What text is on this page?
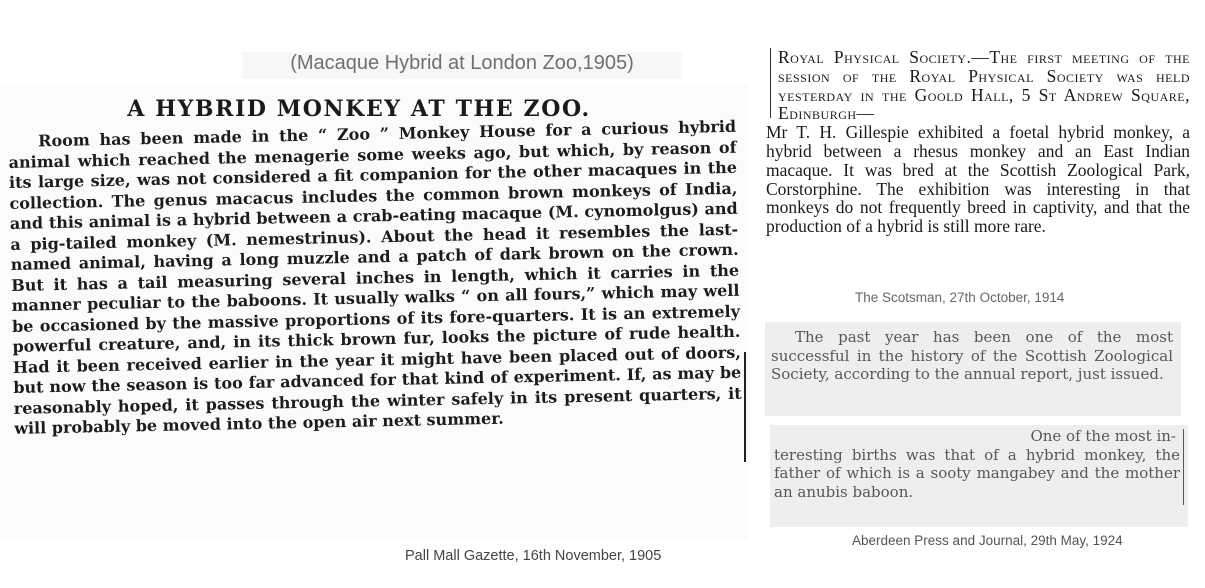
(Macaque Hybrid at London Zoo,1905)
A HYBRID MONKEY AT THE ZOO.
Room has been made in the “ Zoo ” Monkey House for a curious hybrid animal which reached the menagerie some weeks ago, but which, by reason of its large size, was not considered a fit companion for the other macaques in the collection. The genus macacus includes the common brown monkeys of India, and this animal is a hybrid between a crab-eating macaque (M. cynomolgus) and a pig-tailed monkey (M. nemestrinus). About the head it resembles the last-named animal, having a long muzzle and a patch of dark brown on the crown. But it has a tail measuring several inches in length, which it carries in the manner peculiar to the baboons. It usually walks “ on all fours,” which may well be occasioned by the massive proportions of its fore-quarters. It is an extremely powerful creature, and, in its thick brown fur, looks the picture of rude health. Had it been received earlier in the year it might have been placed out of doors, but now the season is too far advanced for that kind of experiment. If, as may be reasonably hoped, it passes through the winter safely in its present quarters, it will probably be moved into the open air next summer.
Royal Physical Society.—The first meeting of the session of the Royal Physical Society was held yesterday in the Goold Hall, 5 St Andrew Square, Edinburgh—
Mr T. H. Gillespie exhibited a foetal hybrid monkey, a hybrid between a rhesus monkey and an East Indian macaque. It was bred at the Scottish Zoological Park, Corstorphine. The exhibition was interesting in that monkeys do not frequently breed in captivity, and that the production of a hybrid is still more rare.
The Scotsman, 27th October, 1914
The past year has been one of the most successful in the history of the Scottish Zoological Society, according to the annual report, just issued.
One of the most in-
teresting births was that of a hybrid monkey, the father of which is a sooty mangabey and the mother an anubis baboon.
Aberdeen Press and Journal, 29th May, 1924
Pall Mall Gazette, 16th November, 1905
